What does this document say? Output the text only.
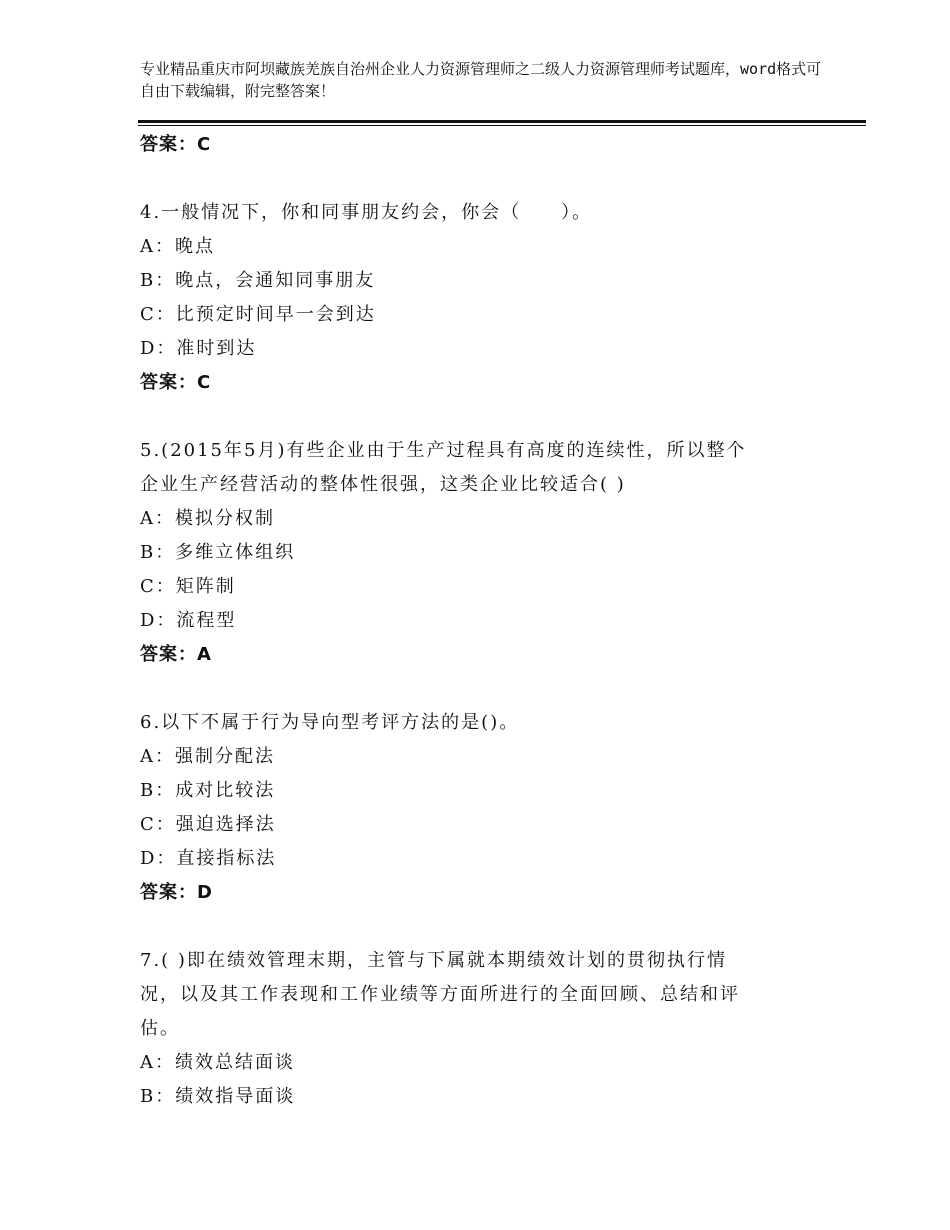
专业精品重庆市阿坝藏族羌族自治州企业人力资源管理师之二级人力资源管理师考试题库，word格式可自由下载编辑，附完整答案！
答案：C
4.一般情况下，你和同事朋友约会，你会（　　）。
A：晚点
B：晚点，会通知同事朋友
C：比预定时间早一会到达
D：准时到达
答案：C
5.(2015年5月)有些企业由于生产过程具有高度的连续性，所以整个
企业生产经营活动的整体性很强，这类企业比较适合( )
A：模拟分权制
B：多维立体组织
C：矩阵制
D：流程型
答案：A
6.以下不属于行为导向型考评方法的是()。
A：强制分配法
B：成对比较法
C：强迫选择法
D：直接指标法
答案：D
7.( )即在绩效管理末期，主管与下属就本期绩效计划的贯彻执行情
况，以及其工作表现和工作业绩等方面所进行的全面回顾、总结和评
估。
A：绩效总结面谈
B：绩效指导面谈
